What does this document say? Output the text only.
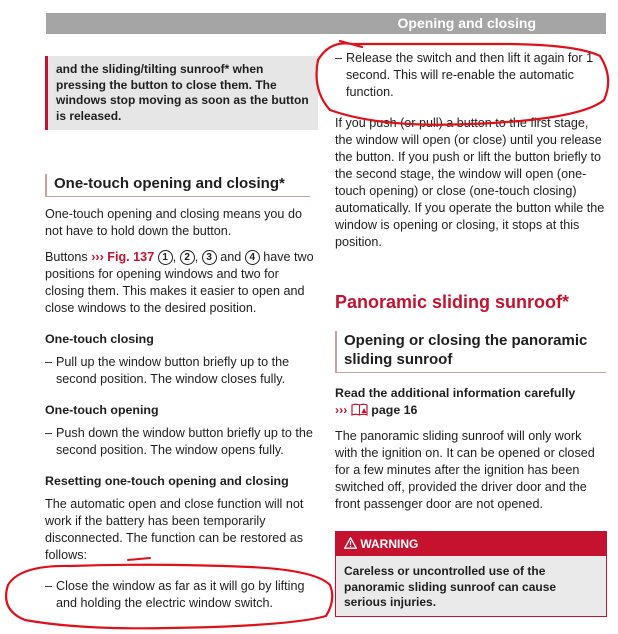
Opening and closing
and the sliding/tilting sunroof* when pressing the button to close them. The windows stop moving as soon as the button is released.
One-touch opening and closing*

One-touch opening and closing means you do not have to hold down the button.

Buttons ››› Fig. 137 1 , 2 , 3 and 4 have two positions for opening windows and two for closing them. This makes it easier to open and close windows to the desired position.

One-touch closing
– Pull up the window button briefly up to the second position. The window closes fully.
One-touch opening
– Push down the window button briefly up to the second position. The window opens fully.
Resetting one-touch opening and closing

The automatic open and close function will not work if the battery has been temporarily disconnected. The function can be restored as follows:

– Close the window as far as it will go by lifting and holding the electric window switch.
– Release the switch and then lift it again for 1 second. This will re-enable the automatic function.

If you push (or pull) a button to the first stage, the window will open (or close) until you release the button. If you push or lift the button briefly to the second stage, the window will open (one-touch opening) or close (one-touch closing) automatically. If you operate the button while the window is opening or closing, it stops at this position.

Panoramic sliding sunroof*
Opening or closing the panoramic sliding sunroof
Read the additional information carefully
››› page 16

The panoramic sliding sunroof will only work with the ignition on. It can be opened or closed for a few minutes after the ignition has been switched off, provided the driver door and the front passenger door are not opened.

WARNING
Careless or uncontrolled use of the panoramic sliding sunroof can cause serious injuries.
